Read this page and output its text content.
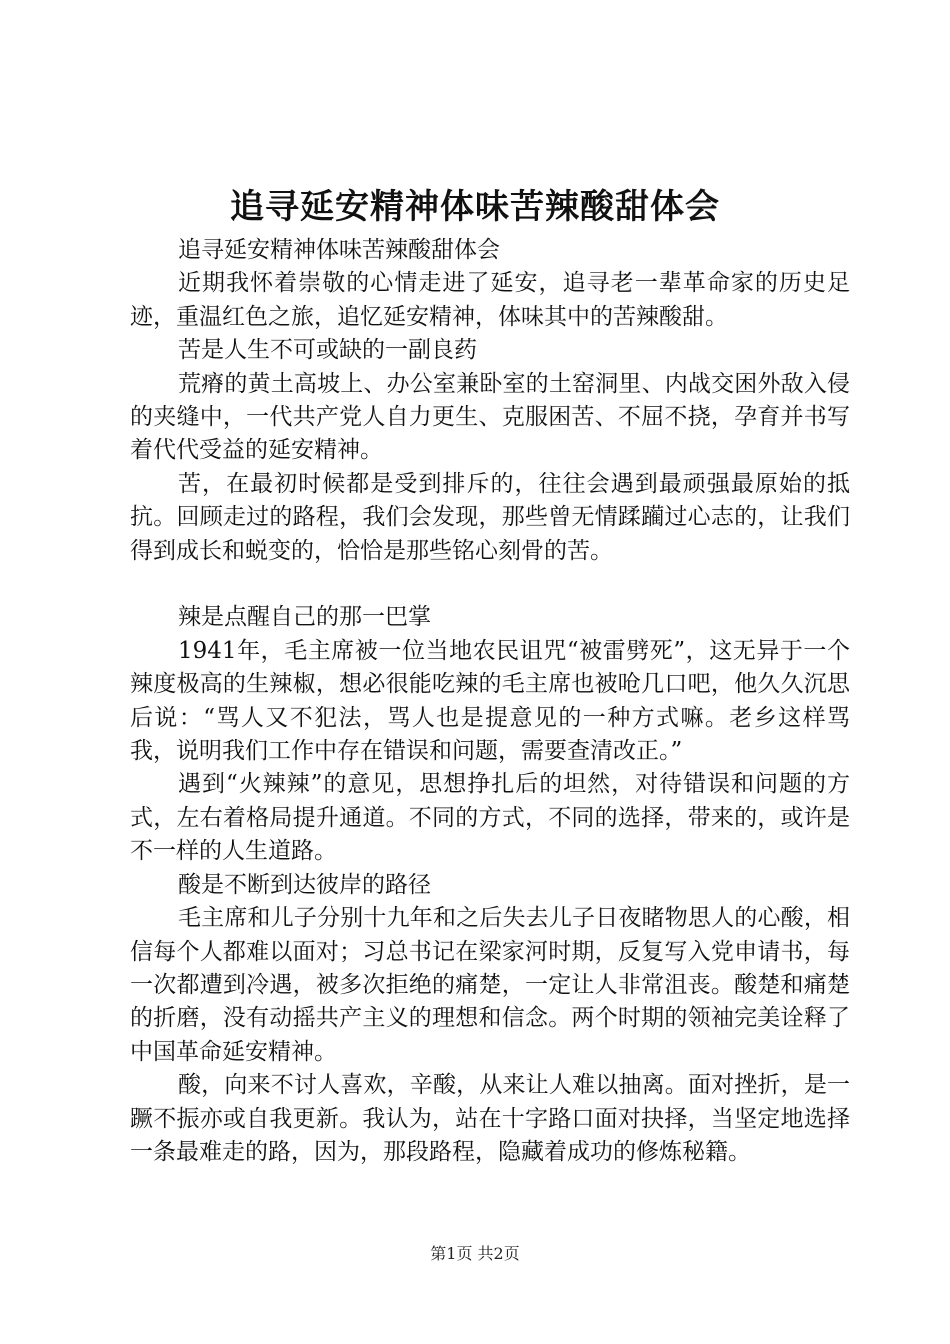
追寻延安精神体味苦辣酸甜体会

追寻延安精神体味苦辣酸甜体会

近期我怀着崇敬的心情走进了延安，追寻老一辈革命家的历史足迹，重温红色之旅，追忆延安精神，体味其中的苦辣酸甜。

苦是人生不可或缺的一副良药

荒瘠的黄土高坡上、办公室兼卧室的土窑洞里、内战交困外敌入侵的夹缝中，一代共产党人自力更生、克服困苦、不屈不挠，孕育并书写着代代受益的延安精神。

苦，在最初时候都是受到排斥的，往往会遇到最顽强最原始的抵抗。回顾走过的路程，我们会发现，那些曾无情蹂躏过心志的，让我们得到成长和蜕变的，恰恰是那些铭心刻骨的苦。

辣是点醒自己的那一巴掌

1941年，毛主席被一位当地农民诅咒“被雷劈死”，这无异于一个辣度极高的生辣椒，想必很能吃辣的毛主席也被呛几口吧，他久久沉思后说：“骂人又不犯法，骂人也是提意见的一种方式嘛。老乡这样骂我，说明我们工作中存在错误和问题，需要查清改正。”

遇到“火辣辣”的意见，思想挣扎后的坦然，对待错误和问题的方式，左右着格局提升通道。不同的方式，不同的选择，带来的，或许是不一样的人生道路。

酸是不断到达彼岸的路径

毛主席和儿子分别十九年和之后失去儿子日夜睹物思人的心酸，相信每个人都难以面对；习总书记在梁家河时期，反复写入党申请书，每一次都遭到冷遇，被多次拒绝的痛楚，一定让人非常沮丧。酸楚和痛楚的折磨，没有动摇共产主义的理想和信念。两个时期的领袖完美诠释了中国革命延安精神。

酸，向来不讨人喜欢，辛酸，从来让人难以抽离。面对挫折，是一蹶不振亦或自我更新。我认为，站在十字路口面对抉择，当坚定地选择一条最难走的路，因为，那段路程，隐藏着成功的修炼秘籍。

第1页 共2页
